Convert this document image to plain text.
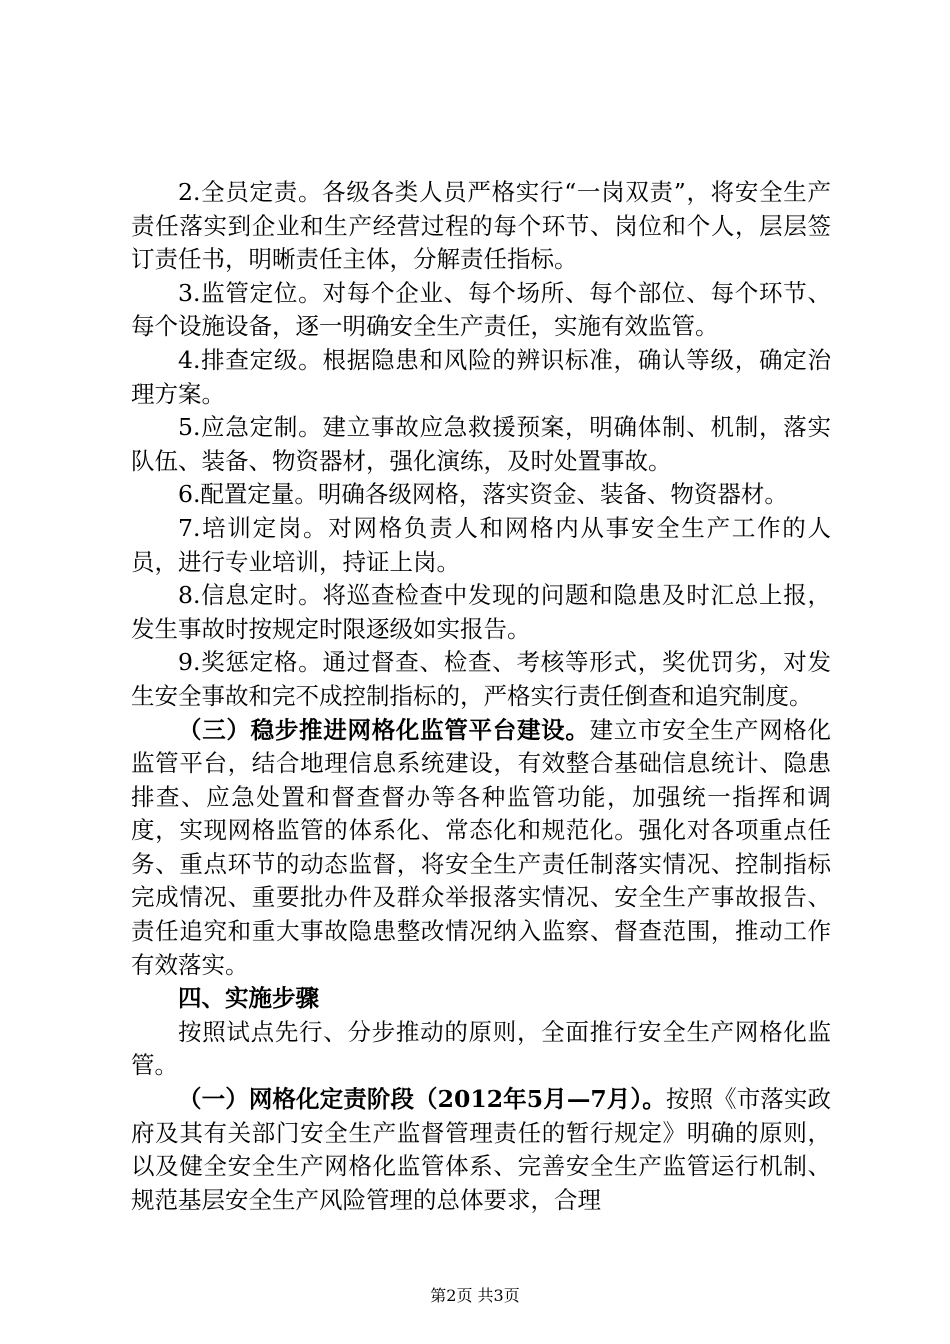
2.全员定责。各级各类人员严格实行“一岗双责”，将安全生产责任落实到企业和生产经营过程的每个环节、岗位和个人，层层签订责任书，明晰责任主体，分解责任指标。

3.监管定位。对每个企业、每个场所、每个部位、每个环节、每个设施设备，逐一明确安全生产责任，实施有效监管。

4.排查定级。根据隐患和风险的辨识标准，确认等级，确定治理方案。

5.应急定制。建立事故应急救援预案，明确体制、机制，落实队伍、装备、物资器材，强化演练，及时处置事故。

6.配置定量。明确各级网格，落实资金、装备、物资器材。

7.培训定岗。对网格负责人和网格内从事安全生产工作的人员，进行专业培训，持证上岗。

8.信息定时。将巡查检查中发现的问题和隐患及时汇总上报，发生事故时按规定时限逐级如实报告。

9.奖惩定格。通过督查、检查、考核等形式，奖优罚劣，对发生安全事故和完不成控制指标的，严格实行责任倒查和追究制度。

（三）稳步推进网格化监管平台建设。建立市安全生产网格化监管平台，结合地理信息系统建设，有效整合基础信息统计、隐患排查、应急处置和督查督办等各种监管功能，加强统一指挥和调度，实现网格监管的体系化、常态化和规范化。强化对各项重点任务、重点环节的动态监督，将安全生产责任制落实情况、控制指标完成情况、重要批办件及群众举报落实情况、安全生产事故报告、责任追究和重大事故隐患整改情况纳入监察、督查范围，推动工作有效落实。

四、实施步骤

按照试点先行、分步推动的原则，全面推行安全生产网格化监管。

（一）网格化定责阶段（2012年5月—7月）。按照《市落实政府及其有关部门安全生产监督管理责任的暂行规定》明确的原则，以及健全安全生产网格化监管体系、完善安全生产监管运行机制、规范基层安全生产风险管理的总体要求，合理

第2页 共3页
